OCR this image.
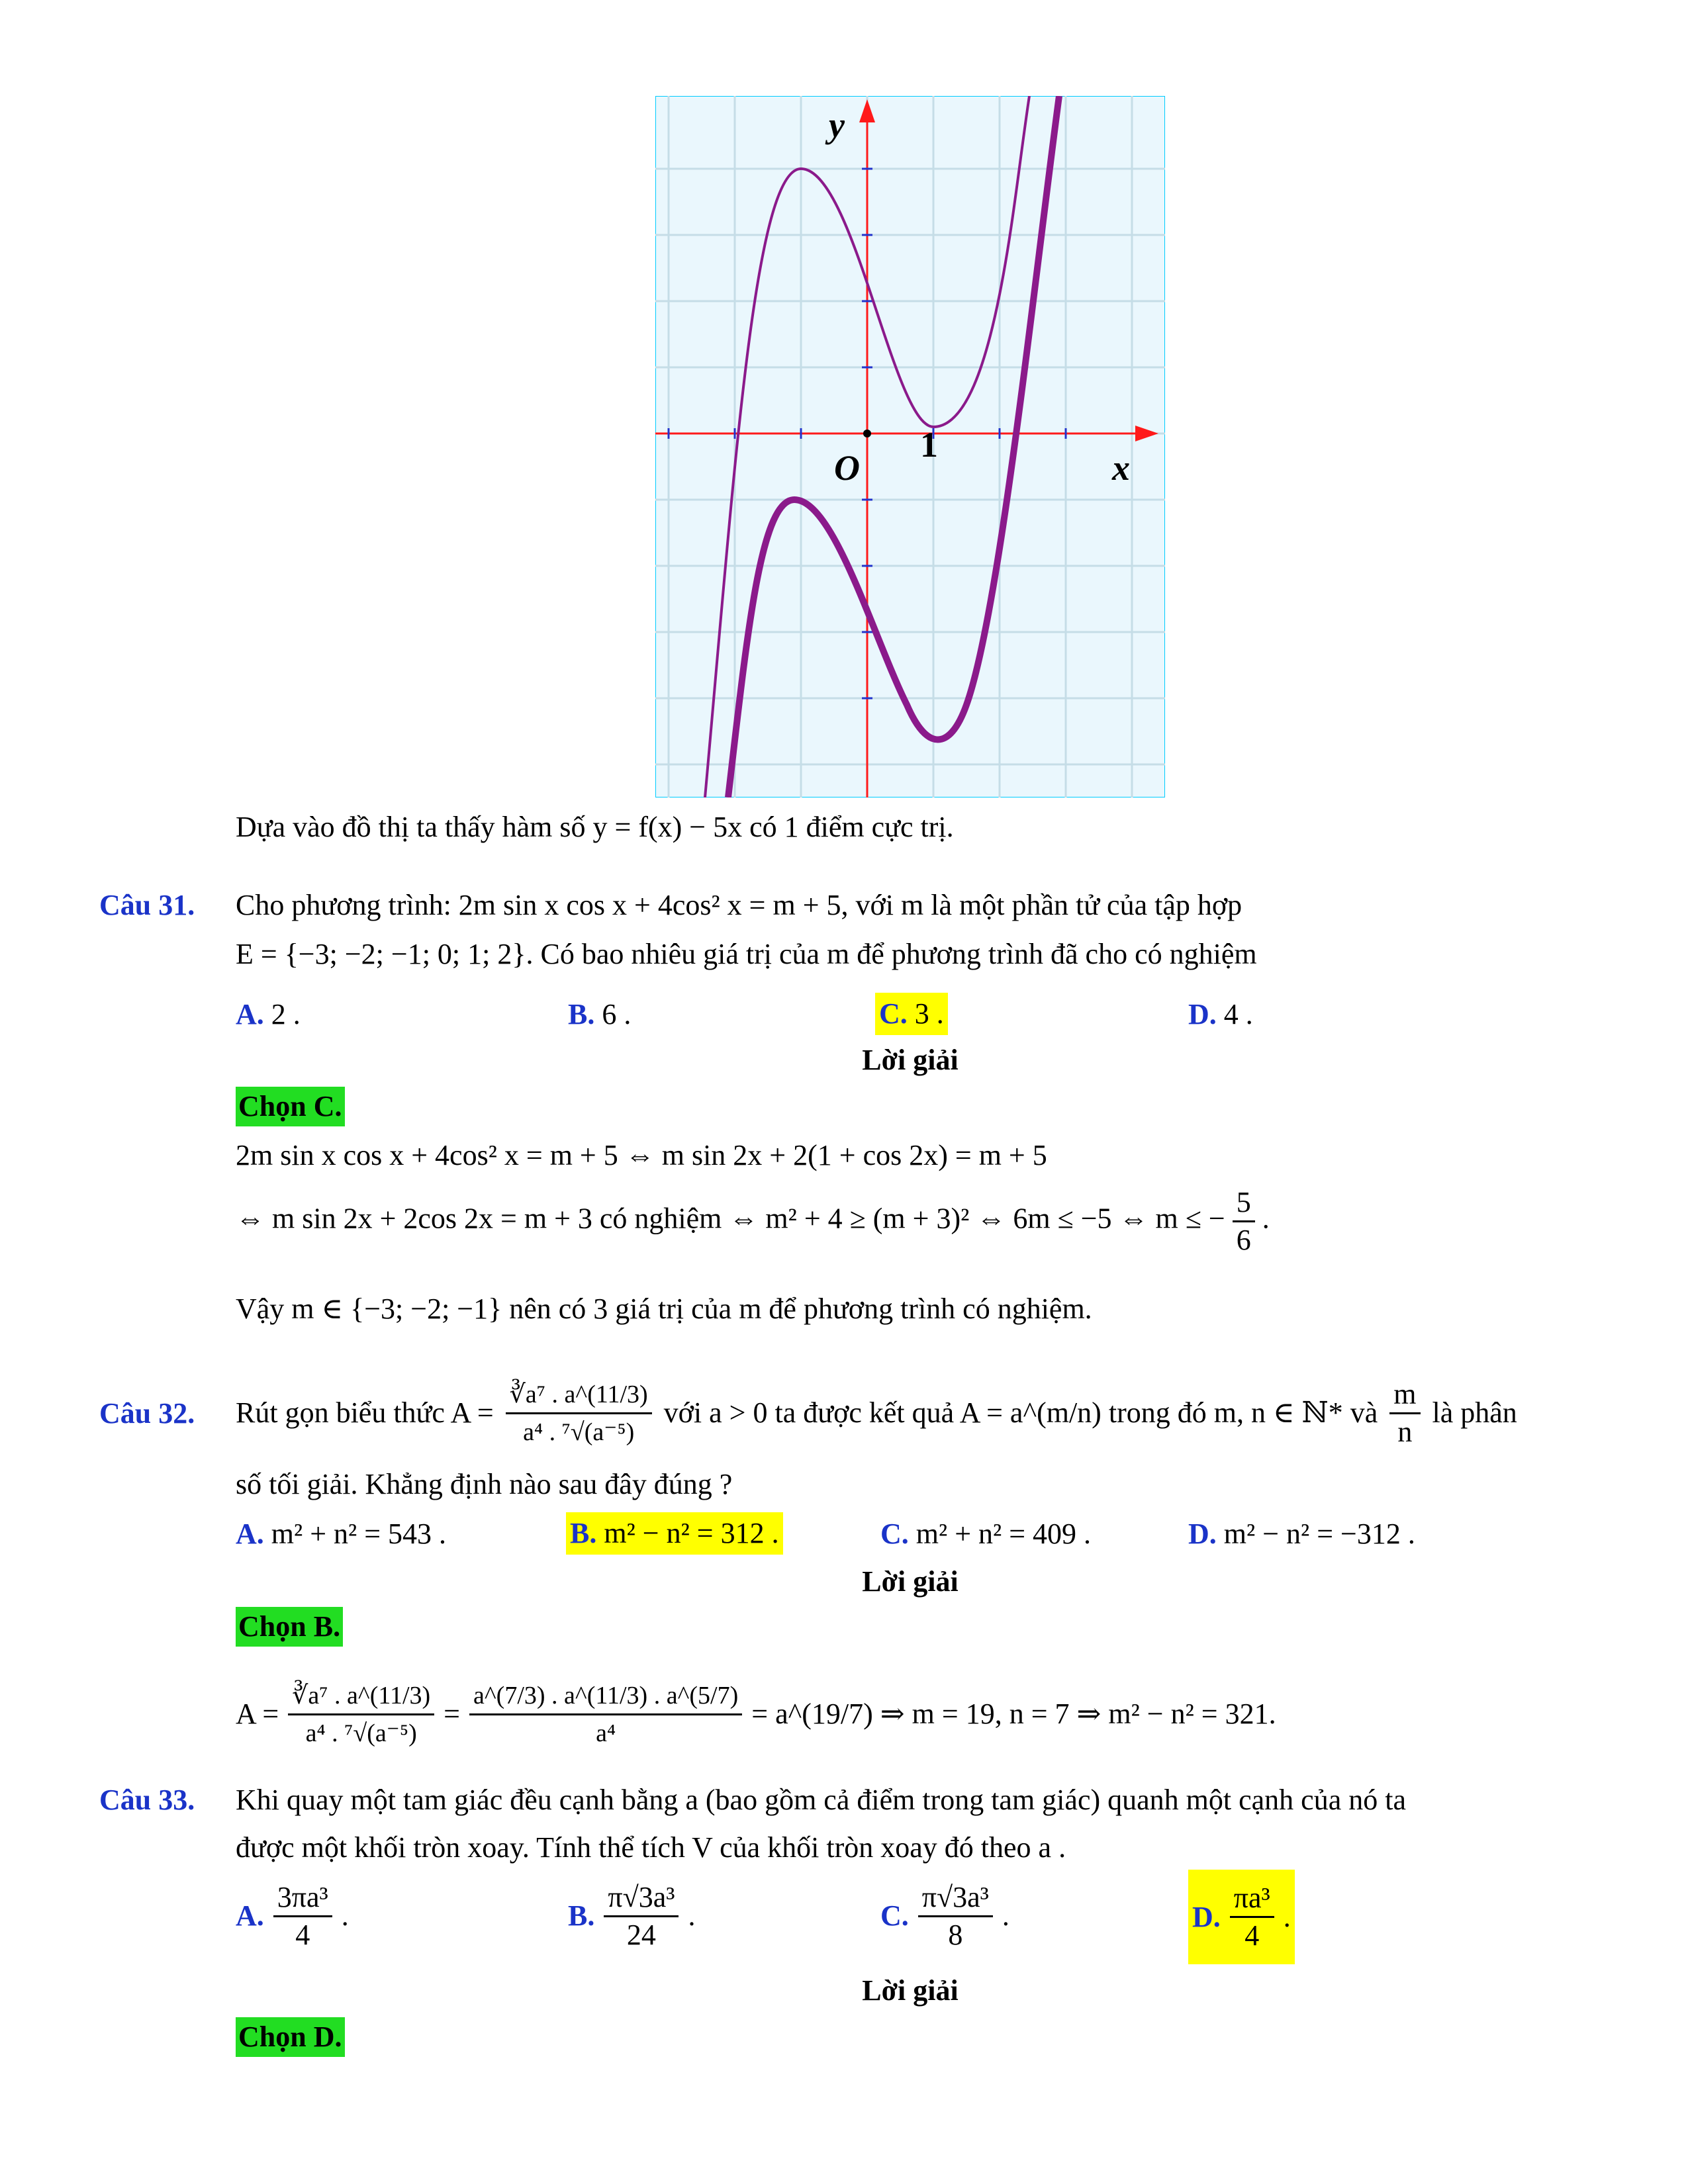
y
x
O
1
Dựa vào đồ thị ta thấy hàm số y = f(x) − 5x có 1 điểm cực trị.
Câu 31. Cho phương trình: 2m sin x cos x + 4cos² x = m + 5, với m là một phần tử của tập hợp
E = {−3; −2; −1; 0; 1; 2}. Có bao nhiêu giá trị của m để phương trình đã cho có nghiệm
A. 2 .	B. 6 .	C. 3 .	D. 4 .
Lời giải
Chọn C.
2m sin x cos x + 4cos² x = m + 5 ⇔ m sin 2x + 2(1 + cos 2x) = m + 5
⇔ m sin 2x + 2cos 2x = m + 3 có nghiệm ⇔ m² + 4 ≥ (m + 3)² ⇔ 6m ≤ −5 ⇔ m ≤ − $\frac{5}{6}$ .
Vậy m ∈ {−3; −2; −1} nên có 3 giá trị của m để phương trình có nghiệm.
Câu 32. Rút gọn biểu thức $A = \frac{\text{∛a⁷ . a\textasciicircum{}(11/3)}}{\text{a⁴ . ⁷√(a⁻⁵)}}$ với a > 0 ta được kết quả A = a^(m/n) trong đó m, n ∈ ℕ* và $\frac{m}{n}$ là phân
số tối giải. Khẳng định nào sau đây đúng ?
A. m² + n² = 543 .	B. m² − n² = 312 .	C. m² + n² = 409 .	D. m² − n² = −312 .
Lời giải
Chọn B.
$A = \frac{\text{∛a⁷ . a\textasciicircum{}(11/3)}}{\text{a⁴ . ⁷√(a⁻⁵)}} = \frac{a\^{}(7/3) . a\^{}(11/3) . a\^{}(5/7)}{\text{a⁴}}$ = a^(19/7) ⇒ m = 19, n = 7 ⇒ m² − n² = 321.
Câu 33. Khi quay một tam giác đều cạnh bằng a (bao gồm cả điểm trong tam giác) quanh một cạnh của nó ta
được một khối tròn xoay. Tính thể tích V của khối tròn xoay đó theo a .
A. $\frac{\text{3πa³}}{4}$ .	B. $\frac{\text{π√3a³}}{24}$ .	C. $\frac{\text{π√3a³}}{8}$ .	D. $\frac{\text{πa³}}{4}$ .
Lời giải
Chọn D.
